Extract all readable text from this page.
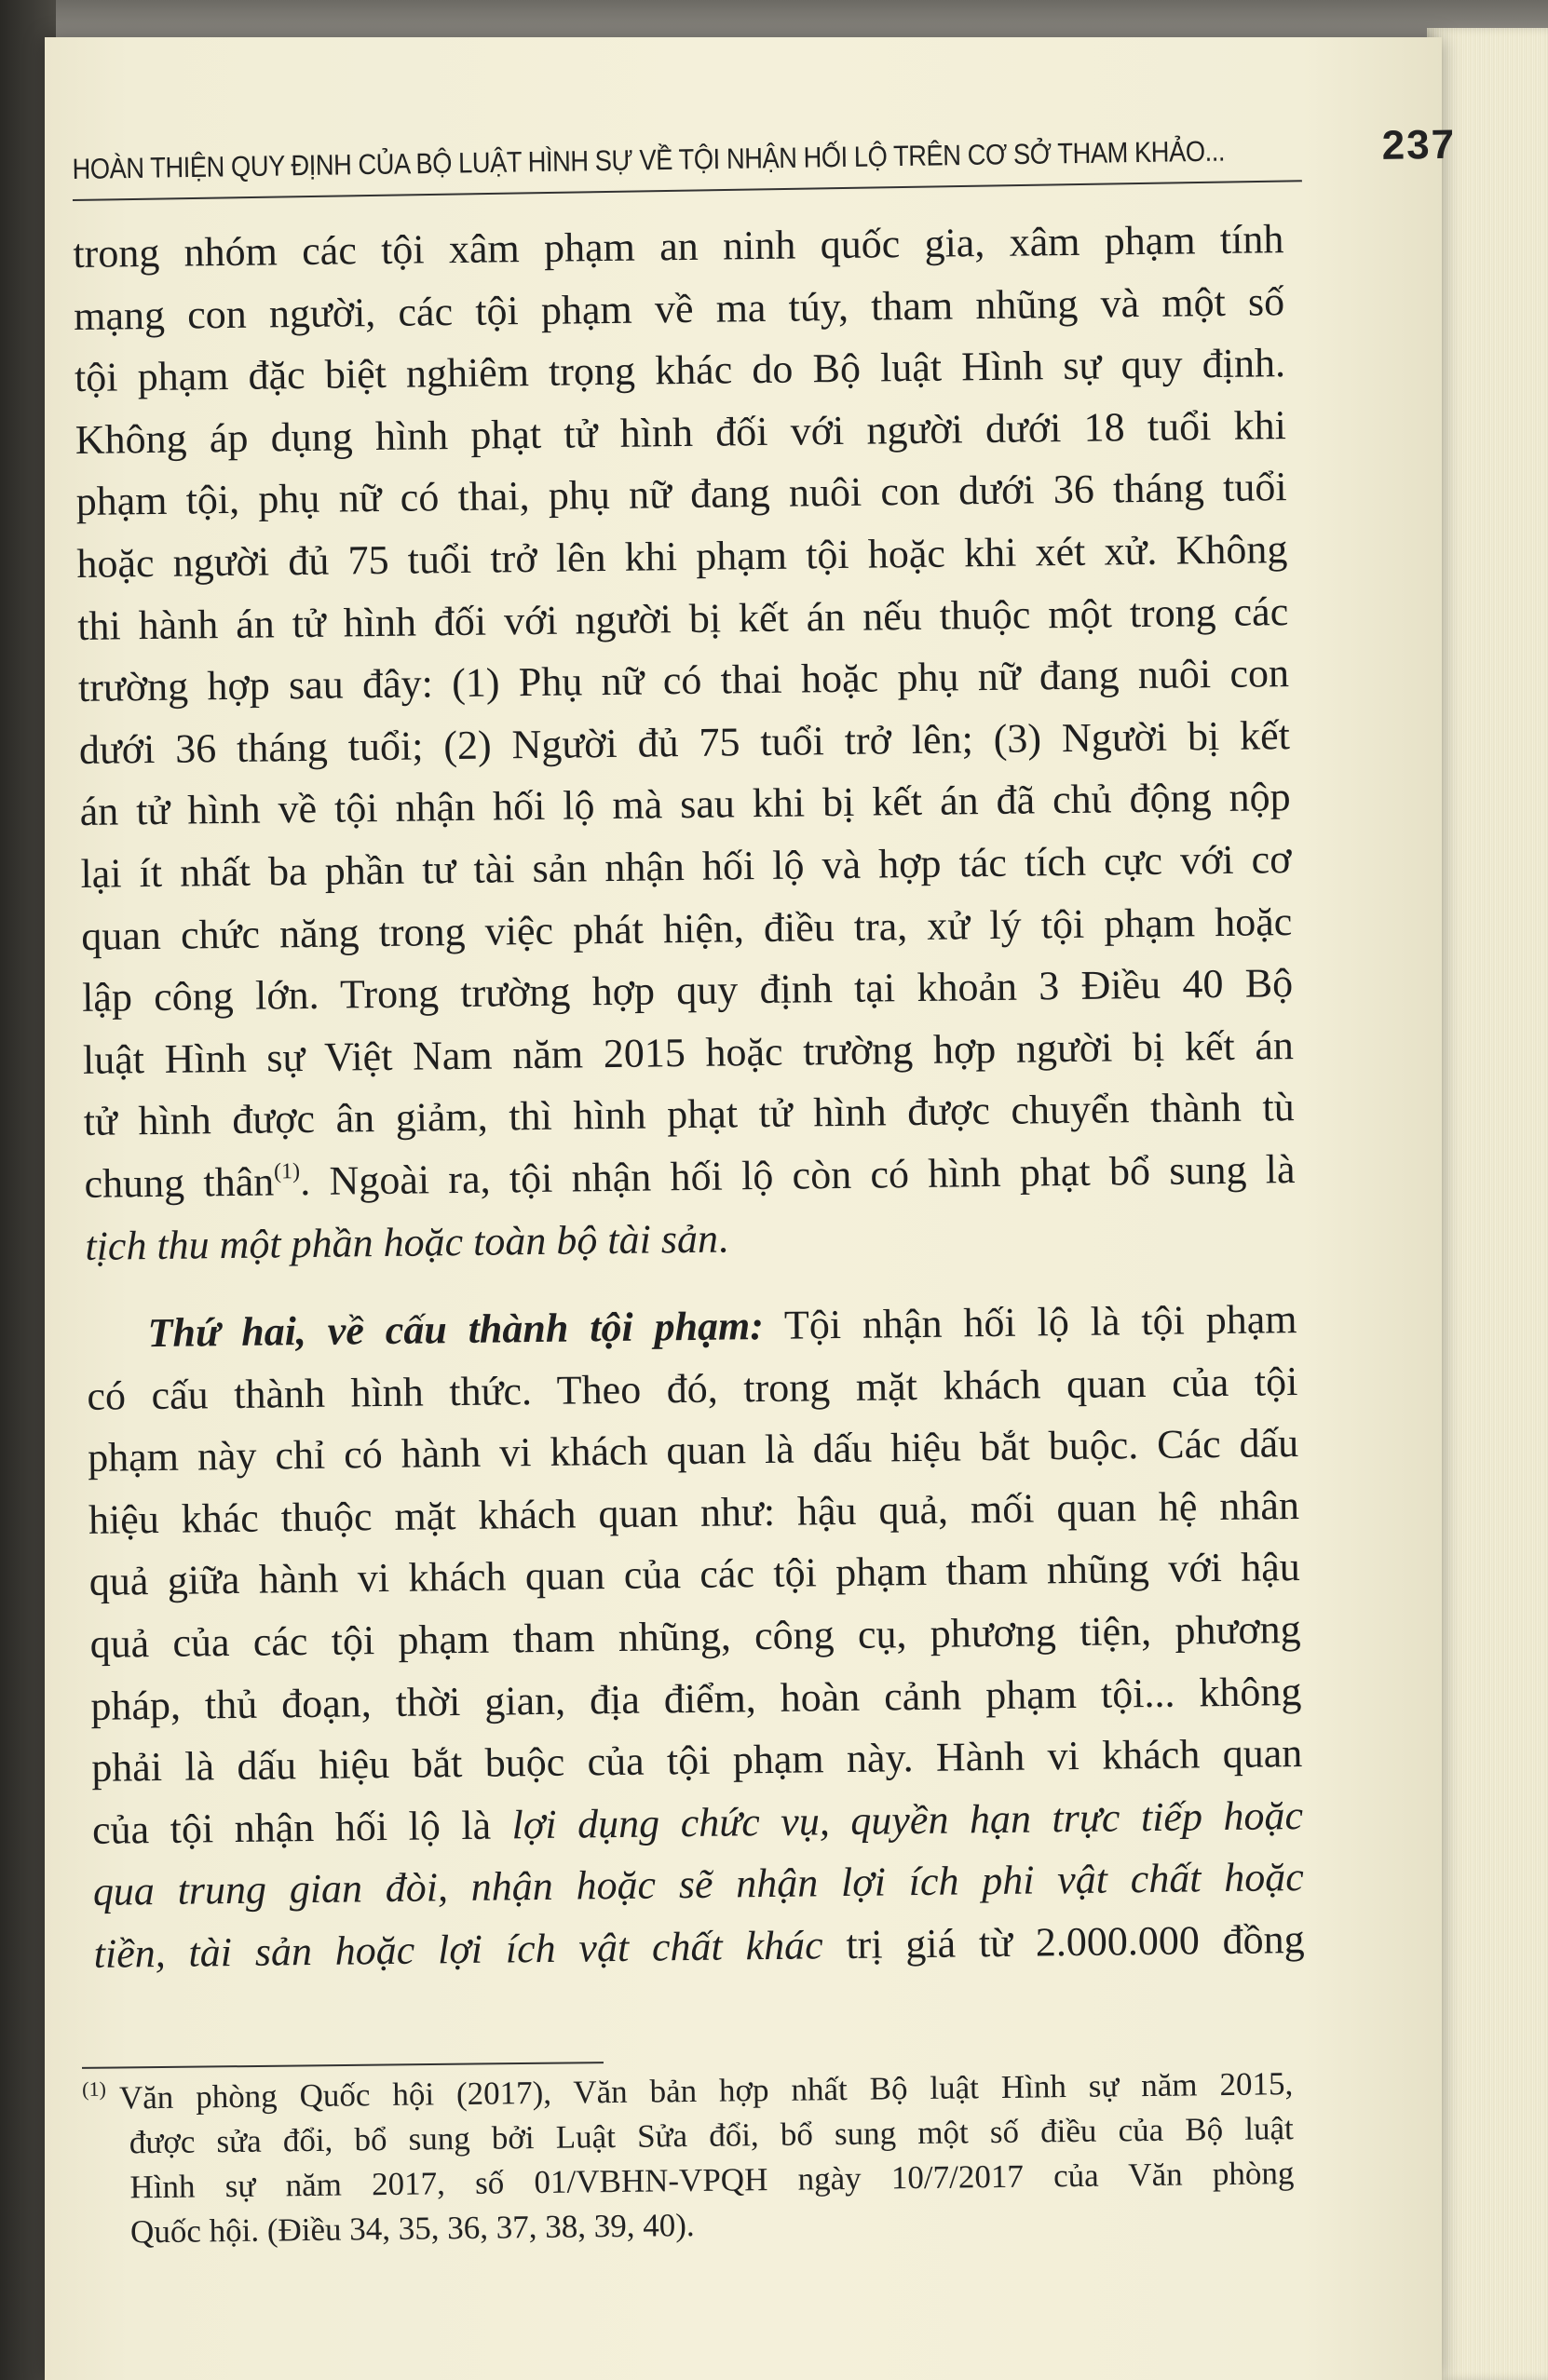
HOÀN THIỆN QUY ĐỊNH CỦA BỘ LUẬT HÌNH SỰ VỀ TỘI NHẬN HỐI LỘ TRÊN CƠ SỞ THAM KHẢO...	237
trong nhóm các tội xâm phạm an ninh quốc gia, xâm phạm tính
mạng con người, các tội phạm về ma túy, tham nhũng và một số
tội phạm đặc biệt nghiêm trọng khác do Bộ luật Hình sự quy định.
Không áp dụng hình phạt tử hình đối với người dưới 18 tuổi khi
phạm tội, phụ nữ có thai, phụ nữ đang nuôi con dưới 36 tháng tuổi
hoặc người đủ 75 tuổi trở lên khi phạm tội hoặc khi xét xử. Không
thi hành án tử hình đối với người bị kết án nếu thuộc một trong các
trường hợp sau đây: (1) Phụ nữ có thai hoặc phụ nữ đang nuôi con
dưới 36 tháng tuổi; (2) Người đủ 75 tuổi trở lên; (3) Người bị kết
án tử hình về tội nhận hối lộ mà sau khi bị kết án đã chủ động nộp
lại ít nhất ba phần tư tài sản nhận hối lộ và hợp tác tích cực với cơ
quan chức năng trong việc phát hiện, điều tra, xử lý tội phạm hoặc
lập công lớn. Trong trường hợp quy định tại khoản 3 Điều 40 Bộ
luật Hình sự Việt Nam năm 2015 hoặc trường hợp người bị kết án
tử hình được ân giảm, thì hình phạt tử hình được chuyển thành tù
chung thân$^{(1)}$. Ngoài ra, tội nhận hối lộ còn có hình phạt bổ sung là
tịch thu một phần hoặc toàn bộ tài sản.
Thứ hai, về cấu thành tội phạm: Tội nhận hối lộ là tội phạm
có cấu thành hình thức. Theo đó, trong mặt khách quan của tội
phạm này chỉ có hành vi khách quan là dấu hiệu bắt buộc. Các dấu
hiệu khác thuộc mặt khách quan như: hậu quả, mối quan hệ nhân
quả giữa hành vi khách quan của các tội phạm tham nhũng với hậu
quả của các tội phạm tham nhũng, công cụ, phương tiện, phương
pháp, thủ đoạn, thời gian, địa điểm, hoàn cảnh phạm tội... không
phải là dấu hiệu bắt buộc của tội phạm này. Hành vi khách quan
của tội nhận hối lộ là lợi dụng chức vụ, quyền hạn trực tiếp hoặc
qua trung gian đòi, nhận hoặc sẽ nhận lợi ích phi vật chất hoặc
tiền, tài sản hoặc lợi ích vật chất khác trị giá từ 2.000.000 đồng
$^{(1)}$ Văn phòng Quốc hội (2017), Văn bản hợp nhất Bộ luật Hình sự năm 2015,
được sửa đổi, bổ sung bởi Luật Sửa đổi, bổ sung một số điều của Bộ luật
Hình sự năm 2017, số 01/VBHN-VPQH ngày 10/7/2017 của Văn phòng
Quốc hội. (Điều 34, 35, 36, 37, 38, 39, 40).
